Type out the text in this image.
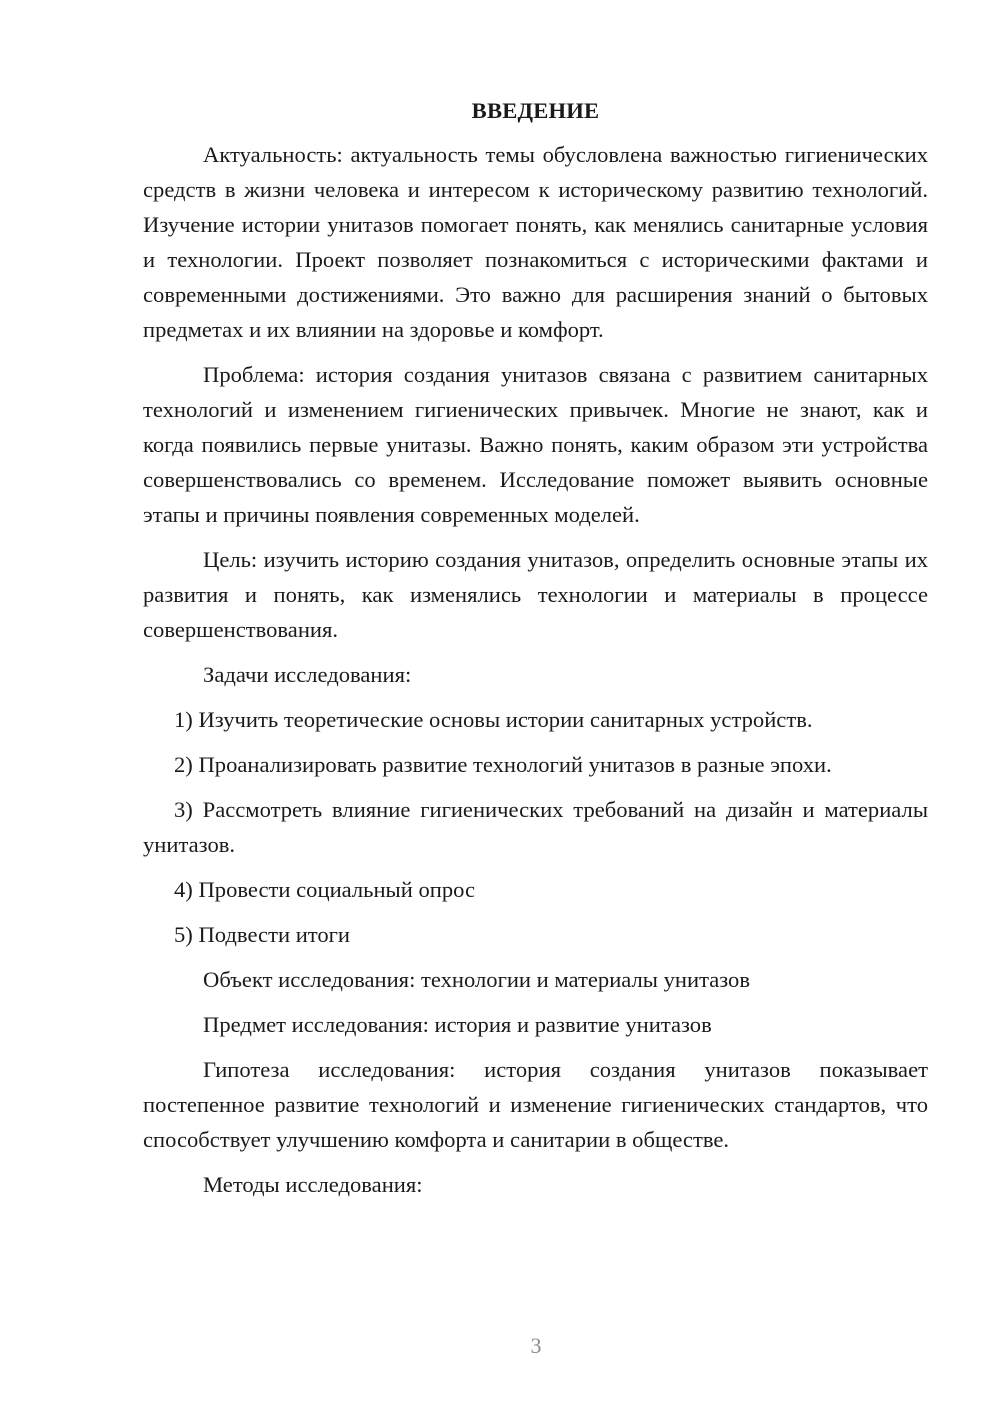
ВВЕДЕНИЕ

Актуальность: актуальность темы обусловлена важностью гигиенических средств в жизни человека и интересом к историческому развитию технологий. Изучение истории унитазов помогает понять, как менялись санитарные условия и технологии. Проект позволяет познакомиться с историческими фактами и современными достижениями. Это важно для расширения знаний о бытовых предметах и их влиянии на здоровье и комфорт.

Проблема: история создания унитазов связана с развитием санитарных технологий и изменением гигиенических привычек. Многие не знают, как и когда появились первые унитазы. Важно понять, каким образом эти устройства совершенствовались со временем. Исследование поможет выявить основные этапы и причины появления современных моделей.

Цель: изучить историю создания унитазов, определить основные этапы их развития и понять, как изменялись технологии и материалы в процессе совершенствования.

Задачи исследования:

1) Изучить теоретические основы истории санитарных устройств.

2) Проанализировать развитие технологий унитазов в разные эпохи.

3) Рассмотреть влияние гигиенических требований на дизайн и материалы унитазов.

4) Провести социальный опрос

5) Подвести итоги

Объект исследования: технологии и материалы унитазов

Предмет исследования: история и развитие унитазов

Гипотеза исследования: история создания унитазов показывает постепенное развитие технологий и изменение гигиенических стандартов, что способствует улучшению комфорта и санитарии в обществе.

Методы исследования:

3
